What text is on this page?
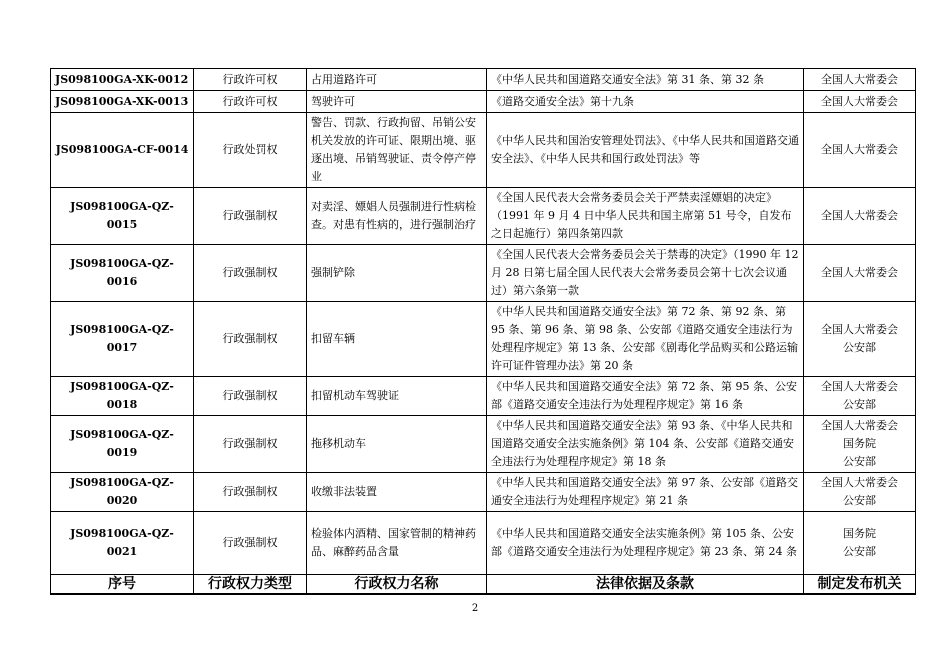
JS098100GA-XK-0012	行政许可权	占用道路许可	《中华人民共和国道路交通安全法》第 31 条、第 32 条	全国人大常委会

JS098100GA-XK-0013	行政许可权	驾驶许可	《道路交通安全法》第十九条	全国人大常委会

JS098100GA-CF-0014	行政处罚权	警告、罚款、行政拘留、吊销公安机关发放的许可证、限期出境、驱逐出境、吊销驾驶证、责令停产停业	《中华人民共和国治安管理处罚法》、《中华人民共和国道路交通安全法》、《中华人民共和国行政处罚法》等	全国人大常委会

JS098100GA-QZ-0015	行政强制权	对卖淫、嫖娼人员强制进行性病检查。对患有性病的，进行强制治疗	《全国人民代表大会常务委员会关于严禁卖淫嫖娼的决定》（1991 年 9 月 4 日中华人民共和国主席第 51 号令，自发布之日起施行）第四条第四款	全国人大常委会

JS098100GA-QZ-0016	行政强制权	强制铲除	《全国人民代表大会常务委员会关于禁毒的决定》（1990 年 12 月 28 日第七届全国人民代表大会常务委员会第十七次会议通过）第六条第一款	全国人大常委会

JS098100GA-QZ-0017	行政强制权	扣留车辆	《中华人民共和国道路交通安全法》第 72 条、第 92 条、第 95 条、第 96 条、第 98 条、公安部《道路交通安全违法行为处理程序规定》第 13 条、公安部《剧毒化学品购买和公路运输许可证件管理办法》第 20 条	全国人大常委会
公安部

JS098100GA-QZ-0018	行政强制权	扣留机动车驾驶证	《中华人民共和国道路交通安全法》第 72 条、第 95 条、公安部《道路交通安全违法行为处理程序规定》第 16 条	全国人大常委会
公安部

JS098100GA-QZ-0019	行政强制权	拖移机动车	《中华人民共和国道路交通安全法》第 93 条、《中华人民共和国道路交通安全法实施条例》第 104 条、公安部《道路交通安全违法行为处理程序规定》第 18 条	全国人大常委会
国务院
公安部

JS098100GA-QZ-0020	行政强制权	收缴非法装置	《中华人民共和国道路交通安全法》第 97 条、公安部《道路交通安全违法行为处理程序规定》第 21 条	全国人大常委会
公安部

JS098100GA-QZ-0021	行政强制权	检验体内酒精、国家管制的精神药品、麻醉药品含量	《中华人民共和国道路交通安全法实施条例》第 105 条、公安部《道路交通安全违法行为处理程序规定》第 23 条、第 24 条	国务院
公安部

序号	行政权力类型	行政权力名称	法律依据及条款	制定发布机关
2
